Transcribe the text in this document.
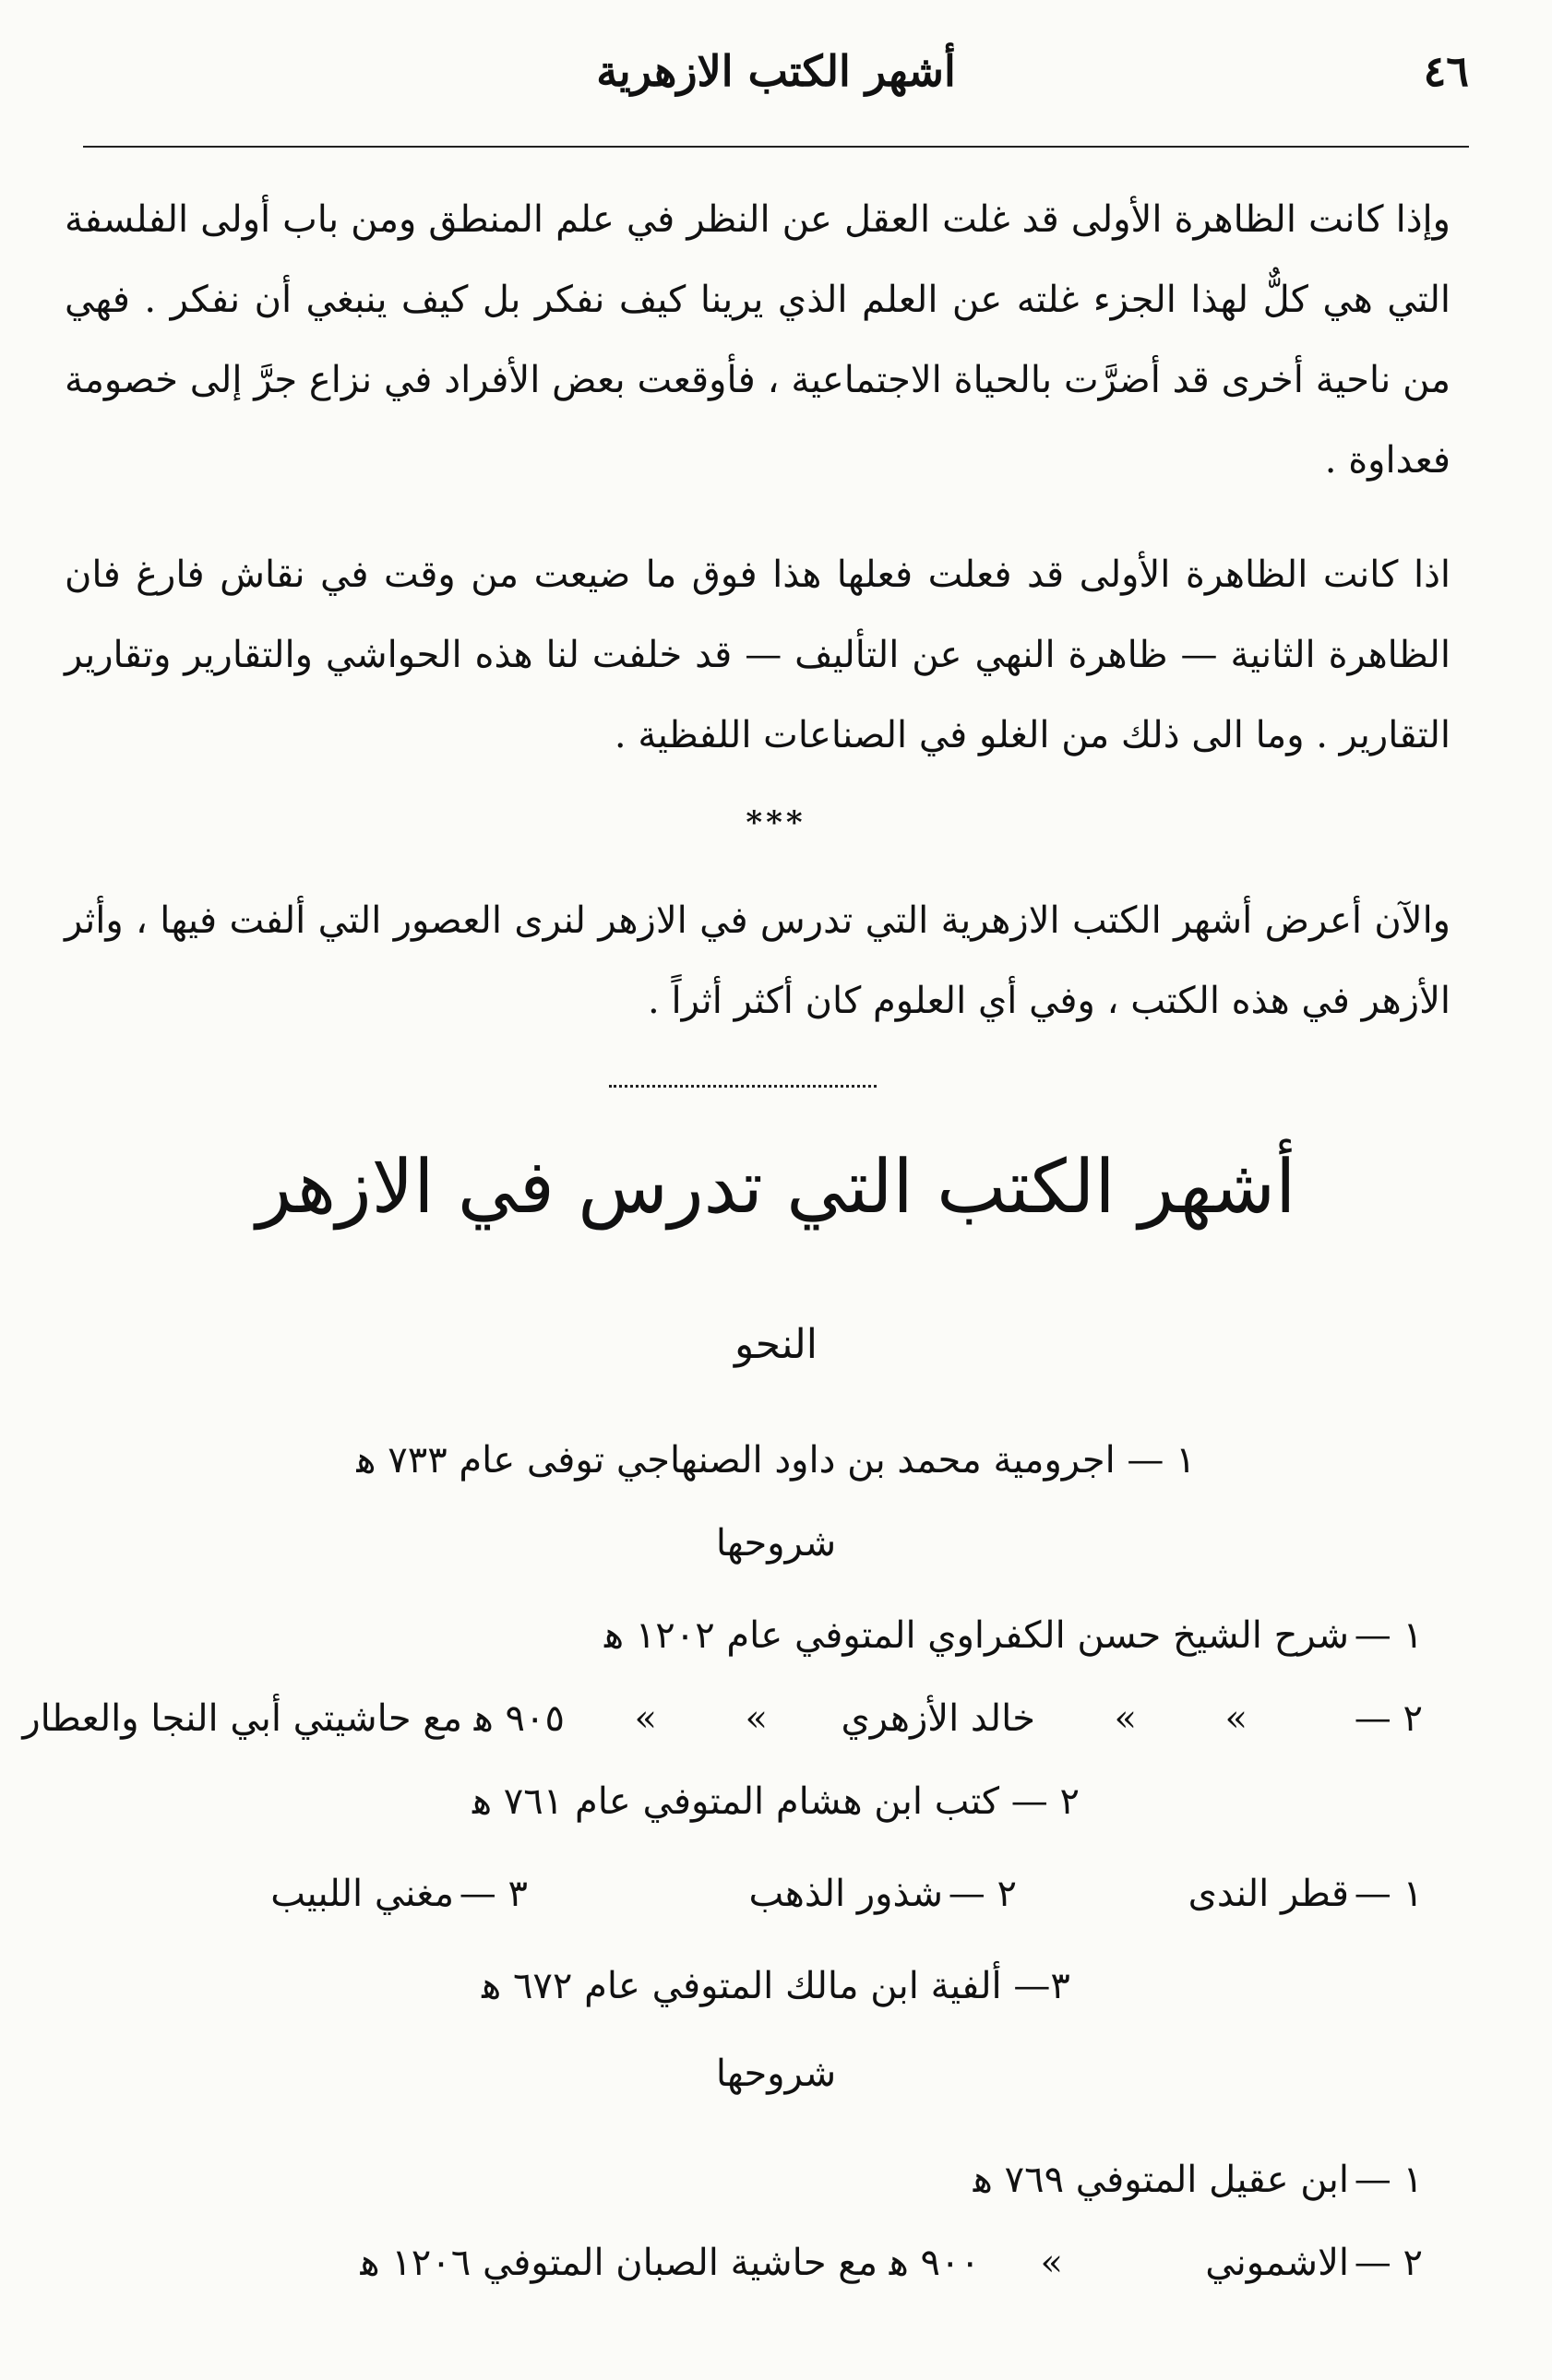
٤٦
أشهر الكتب الازهرية

وإذا كانت الظاهرة الأولى قد غلت العقل عن النظر في علم المنطق ومن باب أولى الفلسفة التي هي كلٌّ لهذا الجزء غلته عن العلم الذي يرينا كيف نفكر بل كيف ينبغي أن نفكر . فهي من ناحية أخرى قد أضرَّت بالحياة الاجتماعية ، فأوقعت بعض الأفراد في نزاع جرَّ إلى خصومة فعداوة .

اذا كانت الظاهرة الأولى قد فعلت فعلها هذا فوق ما ضيعت من وقت في نقاش فارغ فان الظاهرة الثانية — ظاهرة النهي عن التأليف — قد خلفت لنا هذه الحواشي والتقارير وتقارير التقارير . وما الى ذلك من الغلو في الصناعات اللفظية .

***

والآن أعرض أشهر الكتب الازهرية التي تدرس في الازهر لنرى العصور التي ألفت فيها ، وأثر الأزهر في هذه الكتب ، وفي أي العلوم كان أكثر أثراً .

أشهر الكتب التي تدرس في الازهر
النحو
١ — اجرومية محمد بن داود الصنهاجي توفى عام ٧٣٣ ﻫ
شروحها
١ —
شرح الشيخ حسن الكفراوي المتوفي عام ١٢٠٢ ﻫ
٢ —
»
»
خالد الأزهري
»
»
٩٠٥ ﻫ مع حاشيتي أبي النجا والعطار
٢ — كتب ابن هشام المتوفي عام ٧٦١ ﻫ
١ —
قطر الندى
٢ —
شذور الذهب
٣ —
مغني اللبيب
٣— ألفية ابن مالك المتوفي عام ٦٧٢ ﻫ
شروحها
١ —
ابن عقيل المتوفي ٧٦٩ ﻫ
٢ —
الاشموني
»
٩٠٠ ﻫ مع حاشية الصبان المتوفي ١٢٠٦ ﻫ
